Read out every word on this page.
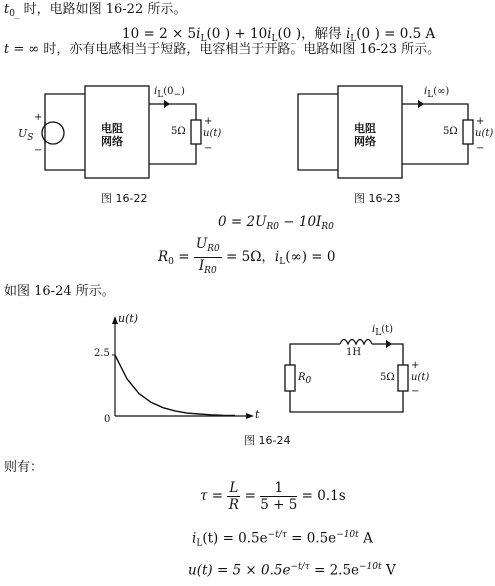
$t_{0\_}$ 时，电路如图 16-22 所示。
$10 = 2 \times 5i_L(0_{\_}) + 10i_L(0_{\_})$，解得 $i_L(0_{\_}) = 0.5$ A
t = ∞ 时，亦有电感相当于短路，电容相当于开路。电路如图 16-23 所示。
电阻
网络
+
−
$U_S$
$i_L(0_-)$
5Ω
+
u(t)
−
图 16-22
电阻
网络
$i_L(\infty)$
5Ω
+
u(t)
−
图 16-23
$0 = 2U_{R0} - 10I_{R0}$
$R_0 = \frac{U_{R0}}{I_{R0}} = 5\Omega$，$i_L(\infty) = 0$
如图 16-24 所示。
u(t)
t
2.5
0
1H
$i_L(t)$
$R_0$	5Ω
+
u(t)
−
图 16-24
则有：
$\tau = \frac{L}{R} = \frac{1}{5 + 5} = 0.1s$
$i_L(t) = 0.5e^{-t/\tau} = 0.5e^{-10t}$ A
$u(t) = 5 \times 0.5e^{-t/\tau} = 2.5e^{-10t}$ V
